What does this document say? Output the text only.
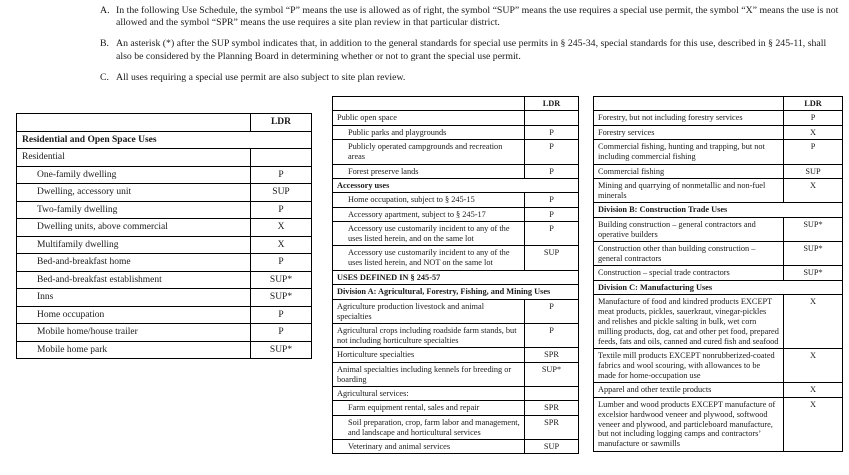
A. In the following Use Schedule, the symbol “P” means the use is allowed as of right, the symbol “SUP” means the use requires a special use permit, the symbol “X” means the use is not allowed and the symbol “SPR” means the use requires a site plan review in that particular district.
B. An asterisk (*) after the SUP symbol indicates that, in addition to the general standards for special use permits in § 245-34, special standards for this use, described in § 245-11, shall also be considered by the Planning Board in determining whether or not to grant the special use permit.
C. All uses requiring a special use permit are also subject to site plan review.
	LDR
Residential and Open Space Uses	
Residential	
One-family dwelling	P
Dwelling, accessory unit	SUP
Two-family dwelling	P
Dwelling units, above commercial	X
Multifamily dwelling	X
Bed-and-breakfast home	P
Bed-and-breakfast establishment	SUP*
Inns	SUP*
Home occupation	P
Mobile home/house trailer	P
Mobile home park	SUP*
	LDR
Public open space	
Public parks and playgrounds	P
Publicly operated campgrounds and recreation areas	P
Forest preserve lands	P
Accessory uses	
Home occupation, subject to § 245-15	P
Accessory apartment, subject to § 245-17	P
Accessory use customarily incident to any of the uses listed herein, and on the same lot	P
Accessory use customarily incident to any of the uses listed herein, and NOT on the same lot	SUP
USES DEFINED IN § 245-57	
Division A: Agricultural, Forestry, Fishing, and Mining Uses	
Agriculture production livestock and animal specialties	P
Agricultural crops including roadside farm stands, but not including horticulture specialties	P
Horticulture specialties	SPR
Animal specialties including kennels for breeding or boarding	SUP*
Agricultural services:	
Farm equipment rental, sales and repair	SPR
Soil preparation, crop, farm labor and management, and landscape and horticultural services	SPR
Veterinary and animal services	SUP
	LDR
Forestry, but not including forestry services	P
Forestry services	X
Commercial fishing, hunting and trapping, but not including commercial fishing	P
Commercial fishing	SUP
Mining and quarrying of nonmetallic and non-fuel minerals	X
Division B: Construction Trade Uses	
Building construction – general contractors and operative builders	SUP*
Construction other than building construction – general contractors	SUP*
Construction – special trade contractors	SUP*
Division C: Manufacturing Uses	
Manufacture of food and kindred products EXCEPT meat products, pickles, sauerkraut, vinegar-pickles and relishes and pickle salting in bulk, wet corn milling products, dog, cat and other pet food, prepared feeds, fats and oils, canned and cured fish and seafood	X
Textile mill products EXCEPT nonrubberized-coated fabrics and wool scouring, with allowances to be made for home-occupation use	X
Apparel and other textile products	X
Lumber and wood products EXCEPT manufacture of excelsior hardwood veneer and plywood, softwood veneer and plywood, and particleboard manufacture, but not including logging camps and contractors’ manufacture or sawmills	X
